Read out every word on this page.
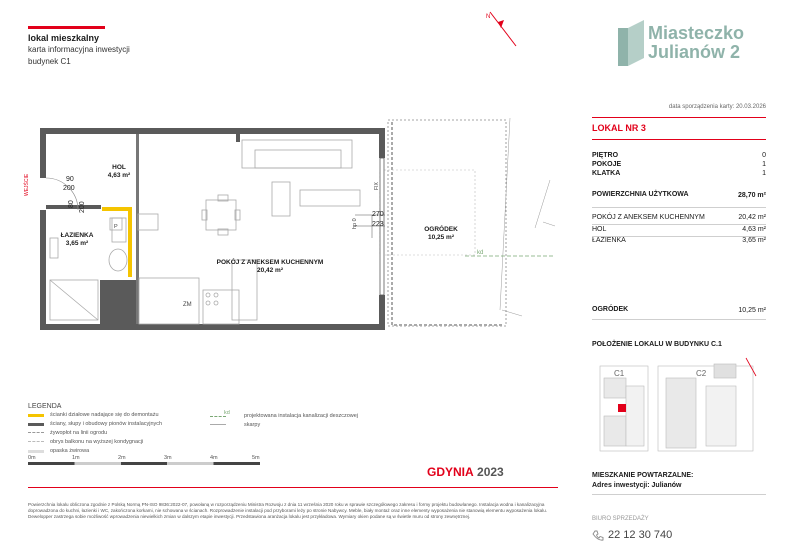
lokal mieszkalny
karta informacyjna inwestycji
budynek C1
N
Miasteczko
Julianów 2
data sporządzenia karty: 20.03.2026
kd
FIX
WEJŚCIE
P
ZM
HOL
4,63 m²
ŁAZIENKA
3,65 m²
POKÓJ Z ANEKSEM KUCHENNYM
20,42 m²
OGRÓDEK
10,25 m²
90
200
80 200
270
223
hp 0
LOKAL NR 3
PIĘTRO	0
POKOJE	1
KLATKA	1
POWIERZCHNIA UŻYTKOWA	28,70 m²
POKÓJ Z ANEKSEM KUCHENNYM	20,42 m²
HOL	4,63 m²
ŁAZIENKA	3,65 m²
OGRÓDEK	10,25 m²
POŁOŻENIE LOKALU W BUDYNKU C.1
C1	C2
MIESZKANIE POWTARZALNE:
Adres inwestycji: Julianów
LEGENDA
ścianki działowe nadające się do demontażu
ściany, słupy i obudowy pionów instalacyjnych
żywopłot na linii ogrodu
obrys balkonu na wyższej kondygnacji
opaska żwirowa
kd	projektowana instalacja kanalizacji deszczowej
skarpy
0m	1m	2m	3m	4m	5m
GDYNIA 2023
Powierzchnia lokalu obliczona zgodnie z Polską Normą PN-ISO 9836:2022-07, powołaną w rozporządzeniu Ministra Rozwoju z dnia 11 września 2020 roku w sprawie szczegółowego zakresu i formy projektu budowlanego. Instalacja wodna i kanalizacyjna doprowadzona do kuchni, łazienki i WC, zakończona korkami, nie schowana w ścianach. Rozprowadzenie instalacji pod przyborami leży po stronie Nabywcy. Meble, biały montaż oraz inne elementy wyposażenia nie stanowią elementu wyposażenia lokalu. Dewelopper zastrzega sobie możliwość wprowadzenia niewielkich zmian w dalszym etapie inwestycji. Przedstawiona aranżacja lokalu jest przykładowa. Wymiary okien podane są w świetle muru od strony zewnętrznej.	BIURO SPRZEDAŻY
22 12 30 740
